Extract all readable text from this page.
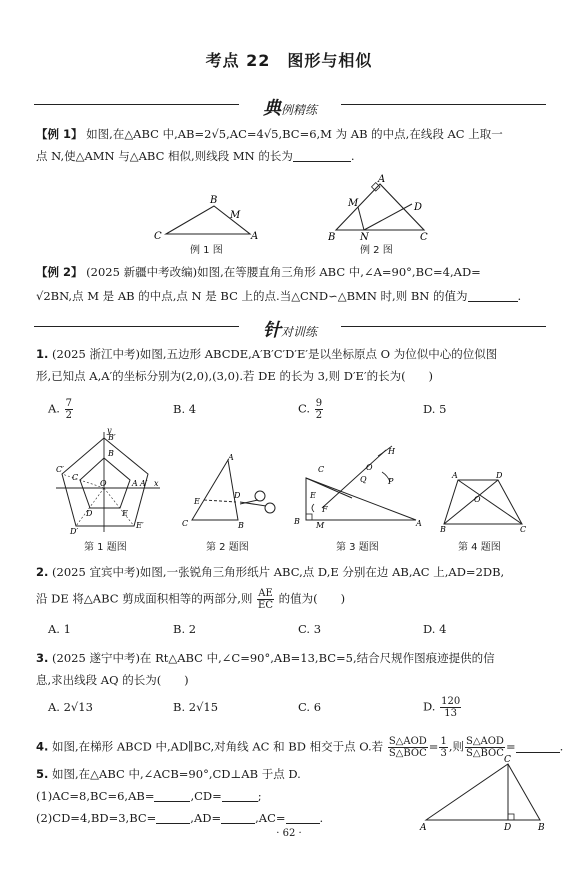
考点 22　图形与相似
典例精练
【例 1】 如图,在△ABC 中,AB=2√5,AC=4√5,BC=6,M 为 AB 的中点,在线段 AC 上取一
点 N,使△AMN 与△ABC 相似,则线段 MN 的长为	.
C
B
A
M
例 1 图
A
M	D
B N	C
例 2 图
【例 2】 (2025 新疆中考改编)如图,在等腰直角三角形 ABC 中,∠A=90°,BC=4,AD=
√2BN,点 M 是 AB 的中点,点 N 是 BC 上的点.当△CND∽△BMN 时,则 BN 的值为	.
针对训练
1. (2025 浙江中考)如图,五边形 ABCDE,A′B′C′D′E′是以坐标原点 O 为位似中心的位似图
形,已知点 A,A′的坐标分别为(2,0),(3,0).若 DE 的长为 3,则 D′E′的长为(　　)
A. $\frac{7}{2}$	B. 4	C. $\frac{9}{2}$	D. 5
B′
B
C′
C
O	A A′ x
D
D′
E
E′
y
第 1 题图
A
E
D
C	B
第 2 题图
C
Q
O
H
P
E
F
M
B	A
第 3 题图
A	D
O
B	C
第 4 题图
2. (2025 宜宾中考)如图,一张锐角三角形纸片 ABC,点 D,E 分别在边 AB,AC 上,AD=2DB,
沿 DE 将△ABC 剪成面积相等的两部分,则 $\frac{AE}{EC}$ 的值为(　　)
A. 1	B. 2	C. 3	D. 4
3. (2025 遂宁中考)在 Rt△ABC 中,∠C=90°,AB=13,BC=5,结合尺规作图痕迹提供的信
息,求出线段 AQ 的长为(　　)
A. 2√13	B. 2√15	C. 6	D. $\frac{120}{13}$
4. 如图,在梯形 ABCD 中,AD∥BC,对角线 AC 和 BD 相交于点 O.若 $\frac{\text{S△AOD}}{\text{S△BOC}} = \frac{1}{3}$ ,则 $\frac{\text{S△AOD}}{\text{S△BOC}}$ =	.
5. 如图,在△ABC 中,∠ACB=90°,CD⊥AB 于点 D.
(1)AC=8,BC=6,AB=	,CD=	;
(2)CD=4,BD=3,BC=	,AD=	,AC=	.
C
A	D	B
· 62 ·
